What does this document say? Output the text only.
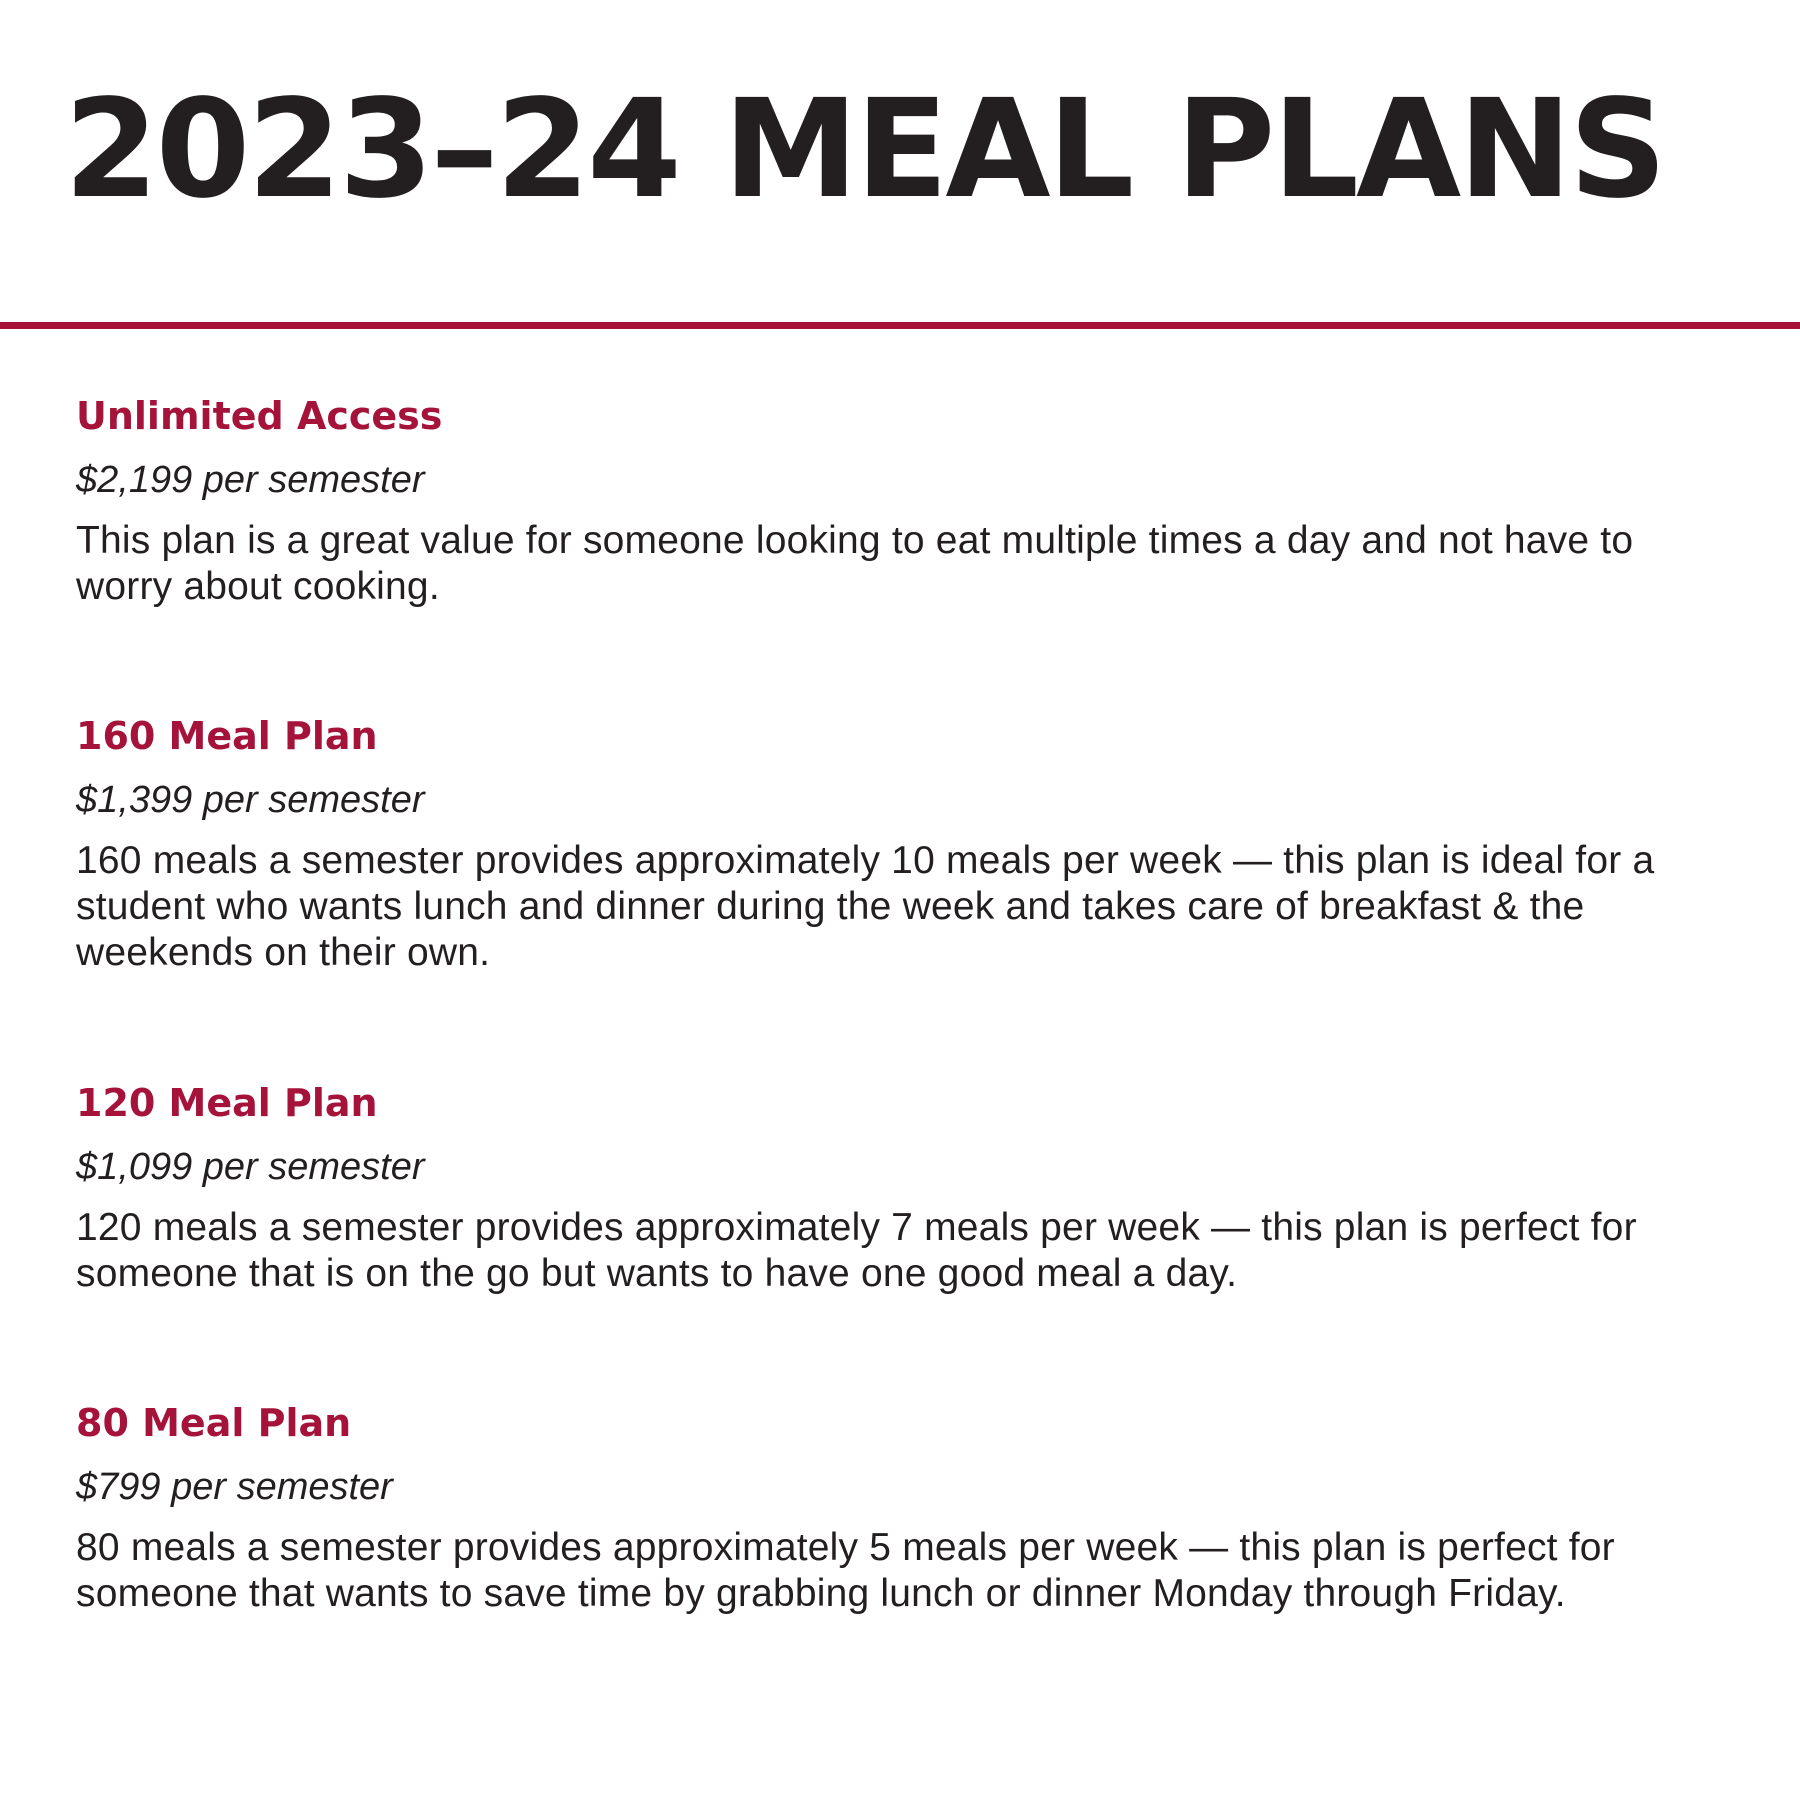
2023–24 MEAL PLANS
Unlimited Access

$2,199 per semester

This plan is a great value for someone looking to eat multiple times a day and not have to worry about cooking.

160 Meal Plan

$1,399 per semester

160 meals a semester provides approximately 10 meals per week — this plan is ideal for a student who wants lunch and dinner during the week and takes care of breakfast & the weekends on their own.

120 Meal Plan

$1,099 per semester

120 meals a semester provides approximately 7 meals per week — this plan is perfect for someone that is on the go but wants to have one good meal a day.

80 Meal Plan

$799 per semester

80 meals a semester provides approximately 5 meals per week — this plan is perfect for someone that wants to save time by grabbing lunch or dinner Monday through Friday.
